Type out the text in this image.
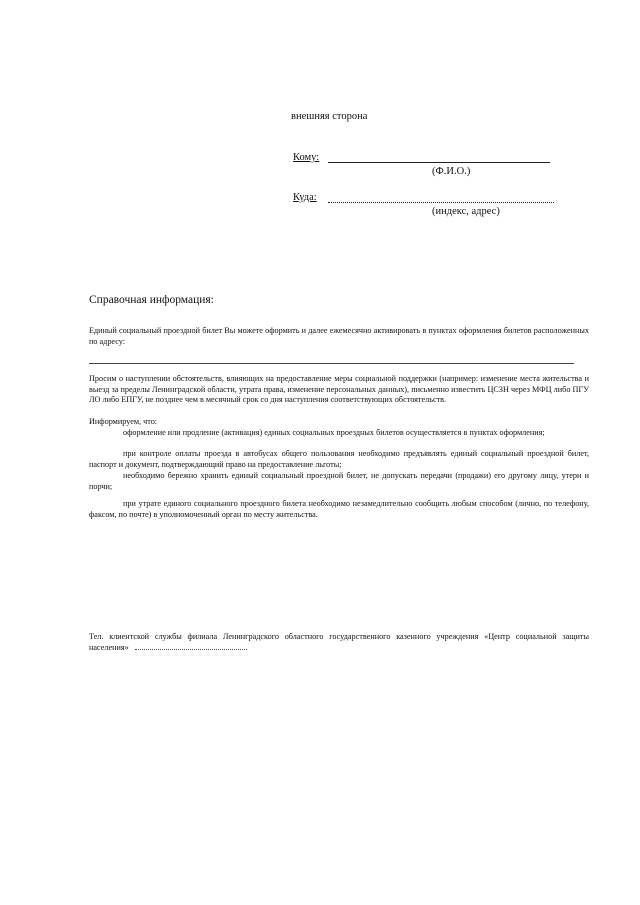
внешняя сторона
Кому:
(Ф.И.О.)
Куда:
(индекс, адрес)
Справочная информация:
Единый социальный проездной билет Вы можете оформить и далее ежемесячно активировать в пунктах оформления билетов расположенных по адресу:
Просим о наступлении обстоятельств, влияющих на предоставление меры социальной поддержки (например: изменение места жительства и выезд за пределы Ленинградской области, утрата права, изменение персональных данных), письменно известить ЦСЗН через МФЦ либо ПГУ ЛО либо ЕПГУ, не позднее чем в месячный срок со дня наступления соответствующих обстоятельств.
Информируем, что:
оформление или продление (активация) единых социальных проездных билетов осуществляется в пунктах оформления;
при контроле оплаты проезда в автобусах общего пользования необходимо предъявлять единый социальный проездной билет, паспорт и документ, подтверждающий право на предоставление льготы;
необходимо бережно хранить единый социальный проездной билет, не допускать передачи (продажи) его другому лицу, утери и порчи;
при утрате единого социального проездного билета необходимо незамедлительно сообщить любым способом (лично, по телефону, факсом, по почте) в уполномоченный орган по месту жительства.
Тел. клиентской службы филиала Ленинградского областного государственного казенного учреждения «Центр социальной защиты населения»
